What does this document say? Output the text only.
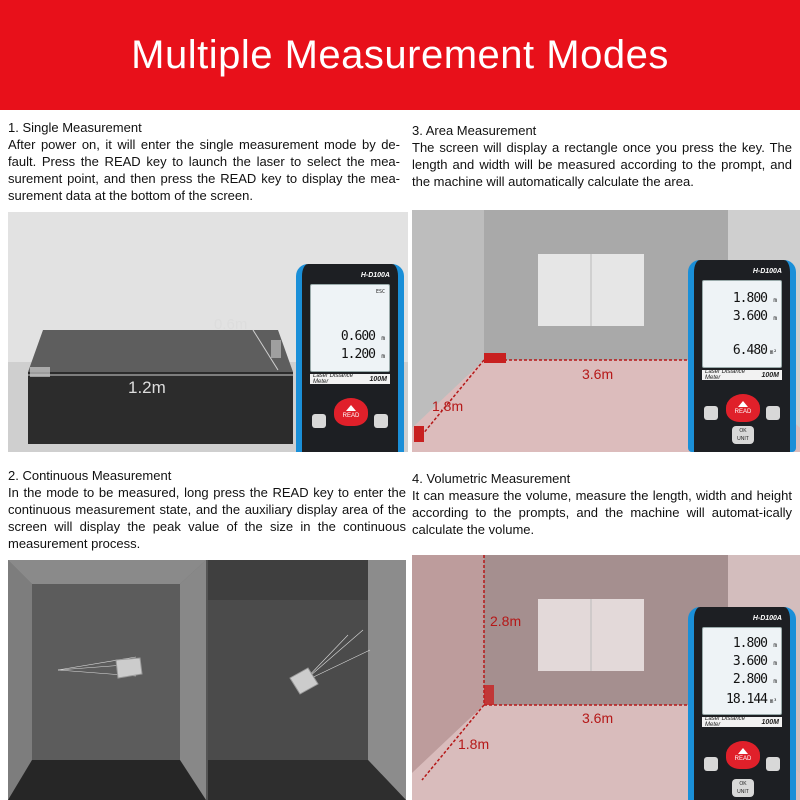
Multiple Measurement Modes
1. Single Measurement
After power on, it will enter the single measurement mode by de-fault. Press the READ key to launch the laser to select the mea-surement point, and then press the READ key to display the mea-surement data at the bottom of the screen.
0.6m
1.2m
H-D100A
ESC
0.600 m
1.200 m
Laser Distance Meter	100M
READ
3. Area Measurement
The screen will display a rectangle once you press the key. The length and width will be measured according to the prompt, and the machine will automatically calculate the area.
3.6m
1.8m
H-D100A
1.800 m
3.600 m
6.480 m²
Laser Distance Meter	100M
READ
OK
UNIT
2. Continuous Measurement
In the mode to be measured, long press the READ key to enter the continuous measurement state, and the auxiliary display area of the screen will display the peak value of the size in the continuous measurement process.
4. Volumetric Measurement
It can measure the volume, measure the length, width and height according to the prompts, and the machine will automat-ically calculate the volume.
2.8m
3.6m
1.8m
H-D100A
1.800 m
3.600 m
2.800 m
18.144 m³
Laser Distance Meter	100M
READ
OK
UNIT
